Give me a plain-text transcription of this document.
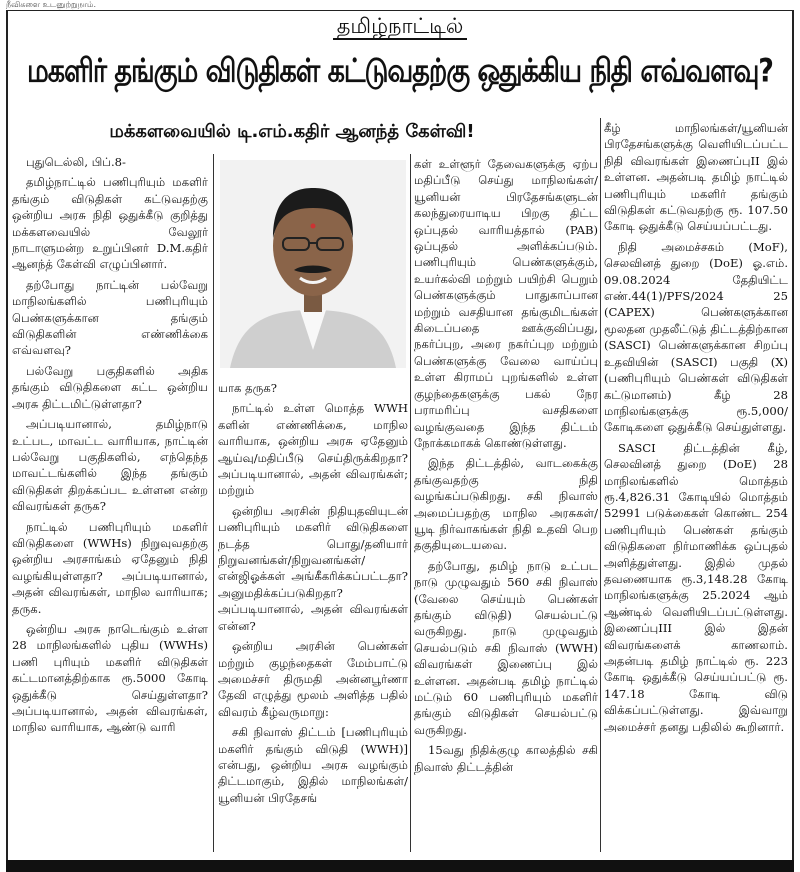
நீவிகளை உடனுற்றுநாம்.
தமிழ்நாட்டில்
மகளிர் தங்கும் விடுதிகள் கட்டுவதற்கு ஒதுக்கிய நிதி எவ்வளவு?
மக்களவையில் டி.எம்.கதிர் ஆனந்த் கேள்வி!

புதுடெல்லி, பிப்.8-

தமிழ்நாட்டில் பணிபுரியும் மகளிர் தங்கும் விடுதிகள் கட்டுவதற்கு ஒன்றிய அரசு நிதி ஒதுக்கீடு குறித்து மக்களவையில் வேலூர் நாடாளுமன்ற உறுப்பினர் D.M.கதிர் ஆனந்த் கேள்வி எழுப்பினார்.

தற்போது நாட்டின் பல்வேறு மாநிலங்களில் பணிபுரியும் பெண்களுக்கான தங்கும் விடுதிகளின் எண்ணிக்கை எவ்வளவு?

பல்வேறு பகுதிகளில் அதிக தங்கும் விடுதிகளை கட்ட ஒன்றிய அரசு திட்டமிட்டுள்ளதா?

அப்படியானால், தமிழ்நாடு உட்பட, மாவட்ட வாரியாக, நாட்டின் பல்வேறு பகுதிகளில், எந்தெந்த மாவட்டங்களில் இந்த தங்கும் விடுதிகள் திறக்கப்பட உள்ளன என்ற விவரங்கள் தருக?

நாட்டில் பணிபுரியும் மகளிர் விடுதிகளை (WWHs) நிறுவுவதற்கு ஒன்றிய அரசாங்கம் ஏதேனும் நிதி வழங்கியுள்ளதா? அப்படியானால், அதன் விவரங்கள், மாநில வாரியாக; தருக.

ஒன்றிய அரசு நாடெங்கும் உள்ள 28 மாநிலங்களில் புதிய (WWHs) பணி புரியும் மகளிர் விடுதிகள் கட்டமானத்திற்காக ரூ.5000 கோடி ஒதுக்கீடு செய்துள்ளதா? அப்படியானால், அதன் விவரங்கள், மாநில வாரியாக, ஆண்டு வாரி

யாக தருக?

நாட்டில் உள்ள மொத்த WWH களின் எண்ணிக்கை, மாநில வாரியாக, ஒன்றிய அரசு ஏதேனும் ஆய்வு/மதிப்பீடு செய்திருக்கிறதா? அப்படியானால், அதன் விவரங்கள்; மற்றும்

ஒன்றிய அரசின் நிதியுதவியுடன் பணிபுரியும் மகளிர் விடுதிகளை நடத்த பொது/தனியார் நிறுவனங்கள்/நிறுவனங்கள்/என்ஜிஓக்கள் அங்கீகரிக்கப்பட்டதா? அனுமதிக்கப்படுகிறதா? அப்படியானால், அதன் விவரங்கள் என்ன?

ஒன்றிய அரசின் பெண்கள் மற்றும் குழந்தைகள் மேம்பாட்டு அமைச்சர் திருமதி அன்னபூர்ணா தேவி எழுத்து மூலம் அளித்த பதில் விவரம் கீழ்வருமாறு:

சகி நிவாஸ் திட்டம் [பணிபுரியும் மகளிர் தங்கும் விடுதி (WWH)] என்பது, ஒன்றிய அரசு வழங்கும் திட்டமாகும், இதில் மாநிலங்கள்/யூனியன் பிரதேசங்

கள் உள்ளூர் தேவைகளுக்கு ஏற்ப மதிப்பீடு செய்து மாநிலங்கள்/யூனியன் பிரதேசங்களுடன் கலந்துரையாடிய பிறகு திட்ட ஒப்புதல் வாரியத்தால் (PAB) ஒப்புதல் அளிக்கப்படும். பணிபுரியும் பெண்களுக்கும், உயர்கல்வி மற்றும் பயிற்சி பெறும் பெண்களுக்கும் பாதுகாப்பான மற்றும் வசதியான தங்குமிடங்கள் கிடைப்பதை ஊக்குவிப்பது, நகர்ப்புற, அரை நகர்ப்புற மற்றும் பெண்களுக்கு வேலை வாய்ப்பு உள்ள கிராமப் புறங்களில் உள்ள குழந்தைகளுக்கு பகல் நேர பராமரிப்பு வசதிகளை வழங்குவதை இந்த திட்டம் நோக்கமாகக் கொண்டுள்ளது.

இந்த திட்டத்தில், வாடகைக்கு தங்குவதற்கு நிதி வழங்கப்படுகிறது. சகி நிவாஸ் அமைப்பதற்கு மாநில அரசுகள்/யூடி நிர்வாகங்கள் நிதி உதவி பெற தகுதியுடையவை.

தற்போது, தமிழ் நாடு உட்பட நாடு முழுவதும் 560 சகி நிவாஸ் (வேலை செய்யும் பெண்கள் தங்கும் விடுதி) செயல்பட்டு வருகிறது. நாடு முழுவதும் செயல்படும் சகி நிவாஸ் (WWH) விவரங்கள் இணைப்பு இல் உள்ளன. அதன்படி தமிழ் நாட்டில் மட்டும் 60 பணிபுரியும் மகளிர் தங்கும் விடுதிகள் செயல்பட்டு வருகிறது.

15வது நிதிக்குழு காலத்தில் சகி நிவாஸ் திட்டத்தின்

கீழ் மாநிலங்கள்/யூனியன் பிரதேசங்களுக்கு வெளியிடப்பட்ட நிதி விவரங்கள் இணைப்புII இல் உள்ளன. அதன்படி தமிழ் நாட்டில் பணிபுரியும் மகளிர் தங்கும் விடுதிகள் கட்டுவதற்கு ரூ. 107.50 கோடி ஒதுக்கீடு செய்யப்பட்டது.

நிதி அமைச்சகம் (MoF), செலவினத் துறை (DoE) ஓ.எம். 09.08.2024 தேதியிட்ட எண்.44(1)/PFS/2024 25 (CAPEX) பெண்களுக்கான மூலதன முதலீட்டுத் திட்டத்திற்கான (SASCI) பெண்களுக்கான சிறப்பு உதவியின் (SASCI) பகுதி (X) (பணிபுரியும் பெண்கள் விடுதிகள் கட்டுமானம்) கீழ் 28 மாநிலங்களுக்கு ரூ.5,000/ கோடிகளை ஒதுக்கீடு செய்துள்ளது.

SASCI திட்டத்தின் கீழ், செலவினத் துறை (DoE) 28 மாநிலங்களில் மொத்தம் ரூ.4,826.31 கோடியில் மொத்தம் 52991 படுக்கைகள் கொண்ட 254 பணிபுரியும் பெண்கள் தங்கும் விடுதிகளை நிர்மாணிக்க ஒப்புதல் அளித்துள்ளது. இதில் முதல் தவணையாக ரூ.3,148.28 கோடி மாநிலங்களுக்கு 25.2024 ஆம் ஆண்டில் வெளியிடப்பட்டுள்ளது. இணைப்புIII இல் இதன் விவரங்களைக் காணலாம். அதன்படி தமிழ் நாட்டில் ரூ. 223 கோடி ஒதுக்கீடு செய்யப்பட்டு ரூ. 147.18 கோடி விடு விக்கப்பட்டுள்ளது. இவ்வாறு அமைச்சர் தனது பதிலில் கூறினார்.
